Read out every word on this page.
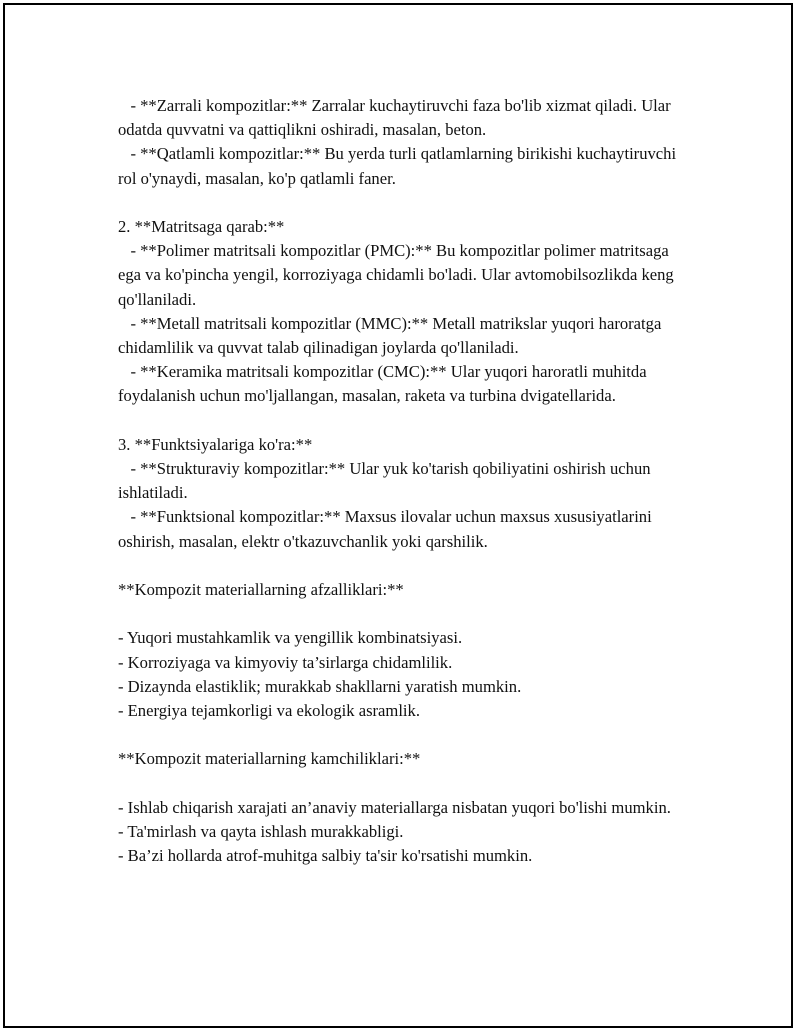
- **Zarrali kompozitlar:** Zarralar kuchaytiruvchi faza bo'lib xizmat qiladi. Ular odatda quvvatni va qattiqlikni oshiradi, masalan, beton.

- **Qatlamli kompozitlar:** Bu yerda turli qatlamlarning birikishi kuchaytiruvchi rol o'ynaydi, masalan, ko'p qatlamli faner.

2. **Matritsaga qarab:**

- **Polimer matritsali kompozitlar (PMC):** Bu kompozitlar polimer matritsaga ega va ko'pincha yengil, korroziyaga chidamli bo'ladi. Ular avtomobilsozlikda keng qo'llaniladi.

- **Metall matritsali kompozitlar (MMC):** Metall matrikslar yuqori haroratga chidamlilik va quvvat talab qilinadigan joylarda qo'llaniladi.

- **Keramika matritsali kompozitlar (CMC):** Ular yuqori haroratli muhitda foydalanish uchun mo'ljallangan, masalan, raketa va turbina dvigatellarida.

3. **Funktsiyalariga ko'ra:**

- **Strukturaviy kompozitlar:** Ular yuk ko'tarish qobiliyatini oshirish uchun ishlatiladi.

- **Funktsional kompozitlar:** Maxsus ilovalar uchun maxsus xususiyatlarini oshirish, masalan, elektr o'tkazuvchanlik yoki qarshilik.

**Kompozit materiallarning afzalliklari:**

- Yuqori mustahkamlik va yengillik kombinatsiyasi.

- Korroziyaga va kimyoviy ta’sirlarga chidamlilik.

- Dizaynda elastiklik; murakkab shakllarni yaratish mumkin.

- Energiya tejamkorligi va ekologik asramlik.

**Kompozit materiallarning kamchiliklari:**

- Ishlab chiqarish xarajati an’anaviy materiallarga nisbatan yuqori bo'lishi mumkin.

- Ta'mirlash va qayta ishlash murakkabligi.

- Ba’zi hollarda atrof-muhitga salbiy ta'sir ko'rsatishi mumkin.
